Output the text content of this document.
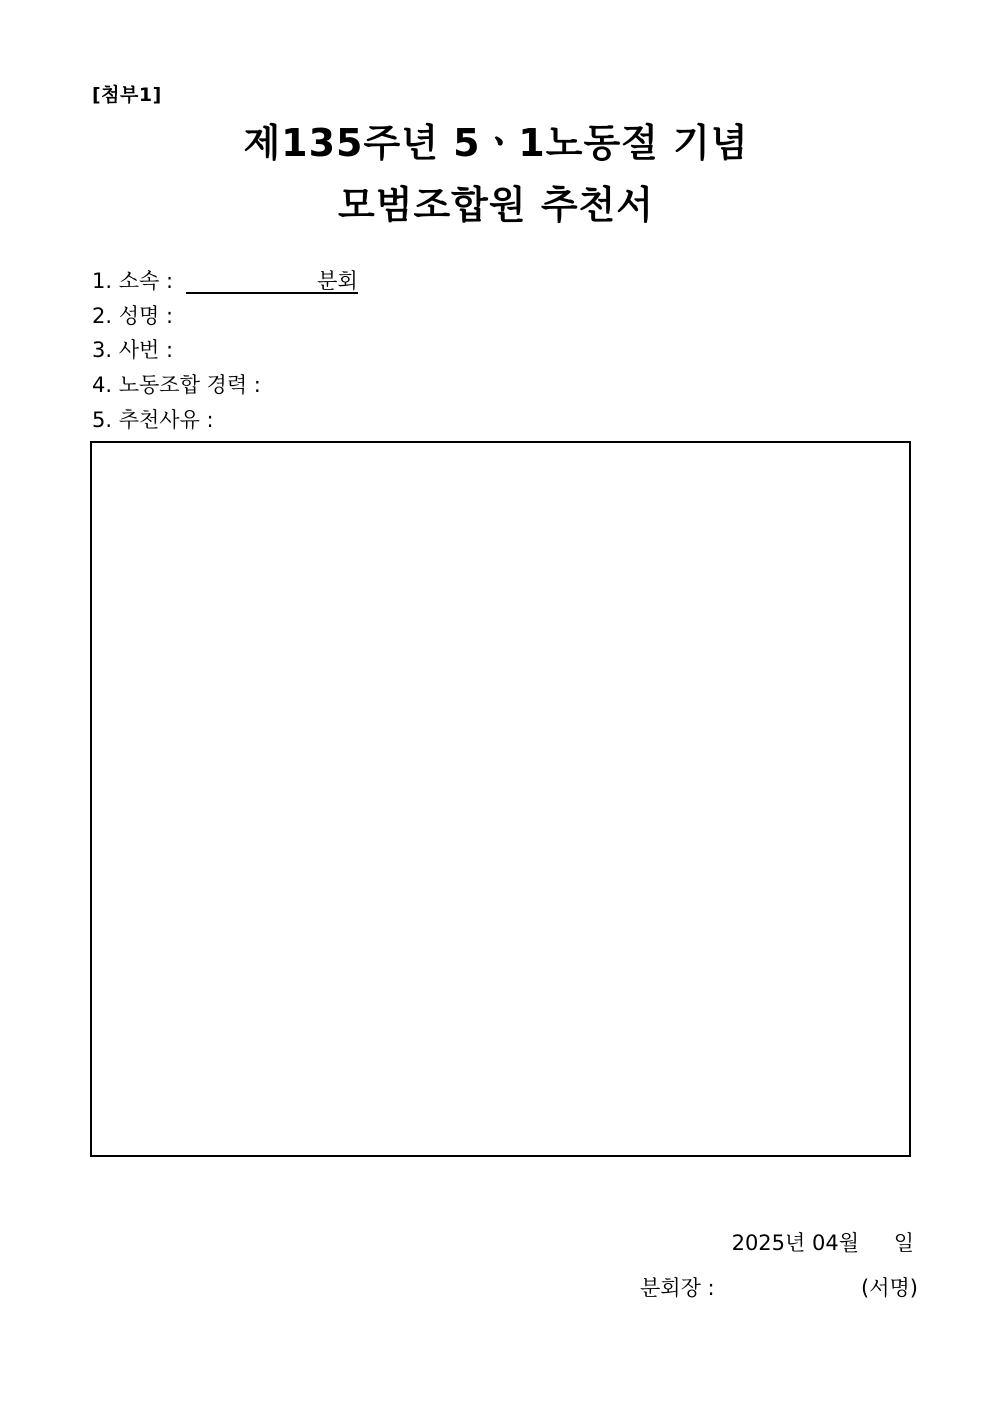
[첨부1]
제135주년 5ㆍ1노동절 기념
모범조합원 추천서
1. 소속 :	분회
2. 성명 :
3. 사번 :
4. 노동조합 경력 :
5. 추천사유 :
2025년 04월 일
분회장 :	(서명)
